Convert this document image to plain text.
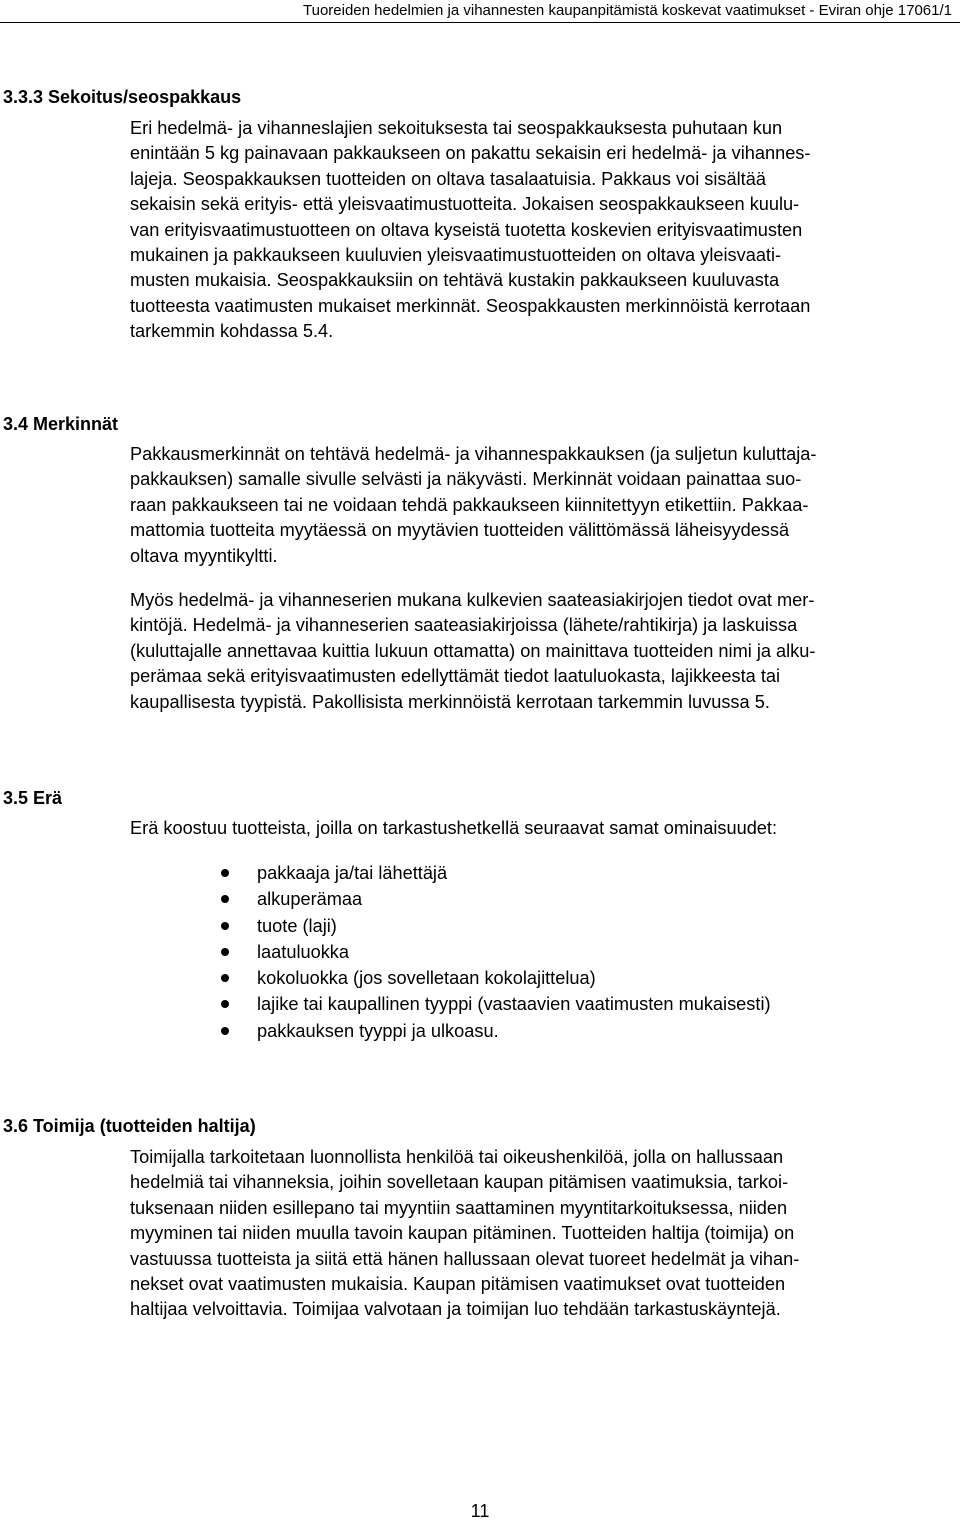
Tuoreiden hedelmien ja vihannesten kaupanpitämistä koskevat vaatimukset - Eviran ohje 17061/1
3.3.3 Sekoitus/seospakkaus
Eri hedelmä- ja vihanneslajien sekoituksesta tai seospakkauksesta puhutaan kun
enintään 5 kg painavaan pakkaukseen on pakattu sekaisin eri hedelmä- ja vihannes-
lajeja. Seospakkauksen tuotteiden on oltava tasalaatuisia. Pakkaus voi sisältää
sekaisin sekä erityis- että yleisvaatimustuotteita. Jokaisen seospakkaukseen kuulu-
van erityisvaatimustuotteen on oltava kyseistä tuotetta koskevien erityisvaatimusten
mukainen ja pakkaukseen kuuluvien yleisvaatimustuotteiden on oltava yleisvaati-
musten mukaisia. Seospakkauksiin on tehtävä kustakin pakkaukseen kuuluvasta
tuotteesta vaatimusten mukaiset merkinnät. Seospakkausten merkinnöistä kerrotaan
tarkemmin kohdassa 5.4.
3.4 Merkinnät
Pakkausmerkinnät on tehtävä hedelmä- ja vihannespakkauksen (ja suljetun kuluttaja-
pakkauksen) samalle sivulle selvästi ja näkyvästi. Merkinnät voidaan painattaa suo-
raan pakkaukseen tai ne voidaan tehdä pakkaukseen kiinnitettyyn etikettiin. Pakkaa-
mattomia tuotteita myytäessä on myytävien tuotteiden välittömässä läheisyydessä
oltava myyntikyltti.
Myös hedelmä- ja vihanneserien mukana kulkevien saateasiakirjojen tiedot ovat mer-
kintöjä. Hedelmä- ja vihanneserien saateasiakirjoissa (lähete/rahtikirja) ja laskuissa
(kuluttajalle annettavaa kuittia lukuun ottamatta) on mainittava tuotteiden nimi ja alku-
perämaa sekä erityisvaatimusten edellyttämät tiedot laatuluokasta, lajikkeesta tai
kaupallisesta tyypistä. Pakollisista merkinnöistä kerrotaan tarkemmin luvussa 5.
3.5 Erä
Erä koostuu tuotteista, joilla on tarkastushetkellä seuraavat samat ominaisuudet:
pakkaaja ja/tai lähettäjä
alkuperämaa
tuote (laji)
laatuluokka
kokoluokka (jos sovelletaan kokolajittelua)
lajike tai kaupallinen tyyppi (vastaavien vaatimusten mukaisesti)
pakkauksen tyyppi ja ulkoasu.
3.6 Toimija (tuotteiden haltija)
Toimijalla tarkoitetaan luonnollista henkilöä tai oikeushenkilöä, jolla on hallussaan
hedelmiä tai vihanneksia, joihin sovelletaan kaupan pitämisen vaatimuksia, tarkoi-
tuksenaan niiden esillepano tai myyntiin saattaminen myyntitarkoituksessa, niiden
myyminen tai niiden muulla tavoin kaupan pitäminen. Tuotteiden haltija (toimija) on
vastuussa tuotteista ja siitä että hänen hallussaan olevat tuoreet hedelmät ja vihan-
nekset ovat vaatimusten mukaisia. Kaupan pitämisen vaatimukset ovat tuotteiden
haltijaa velvoittavia. Toimijaa valvotaan ja toimijan luo tehdään tarkastuskäyntejä.
11
